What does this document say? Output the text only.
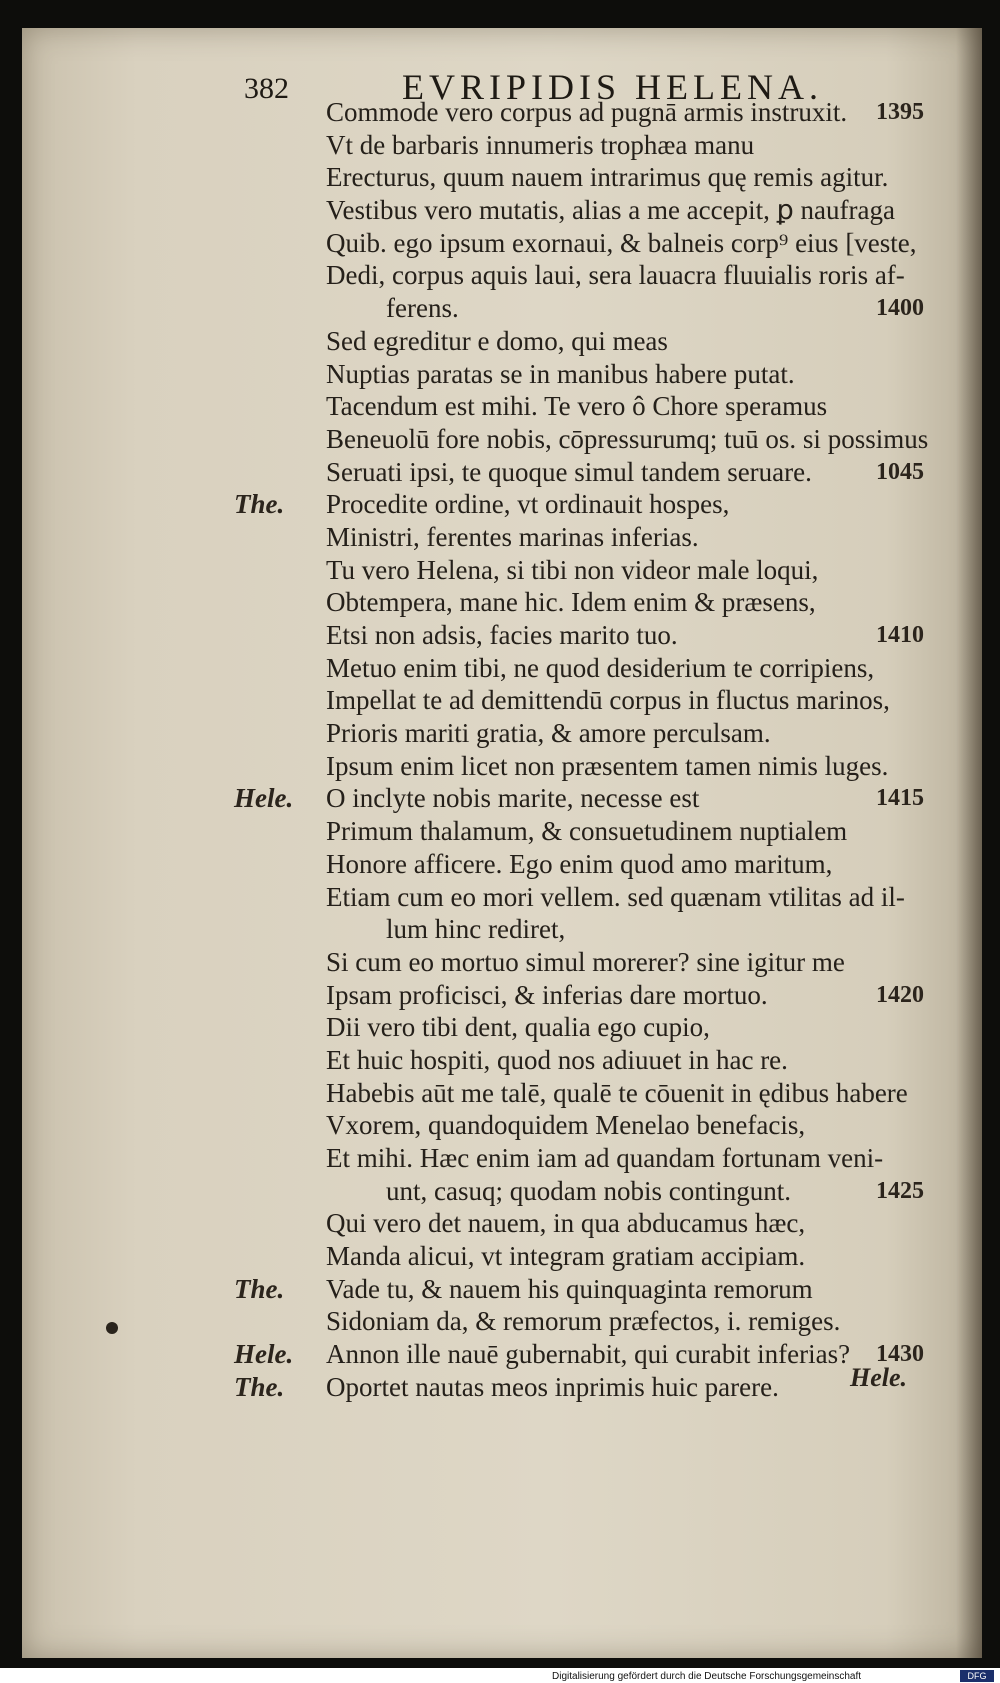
382	EVRIPIDIS HELENA.
Commode vero corpus ad pugnā armis instruxit. 1395
Vt de barbaris innumeris trophæa manu
Erecturus, quum nauem intrarimus quę remis agitur.
Vestibus vero mutatis, alias a me accepit, ꝑ naufraga
Quib. ego ipsum exornaui, & balneis corp⁹ eius [veste,
Dedi, corpus aquis laui, sera lauacra fluuialis roris af-
ferens.	1400
Sed egreditur e domo, qui meas
Nuptias paratas se in manibus habere putat.
Tacendum est mihi. Te vero ô Chore speramus
Beneuolū fore nobis, cōpressurumq; tuū os. si possimus
Seruati ipsi, te quoque simul tandem seruare.	1045
The. Procedite ordine, vt ordinauit hospes,
Ministri, ferentes marinas inferias.
Tu vero Helena, si tibi non videor male loqui,
Obtempera, mane hic. Idem enim & præsens,
Etsi non adsis, facies marito tuo.	1410
Metuo enim tibi, ne quod desiderium te corripiens,
Impellat te ad demittendū corpus in fluctus marinos,
Prioris mariti gratia, & amore perculsam.
Ipsum enim licet non præsentem tamen nimis luges.
Hele. O inclyte nobis marite, necesse est	1415
Primum thalamum, & consuetudinem nuptialem
Honore afficere. Ego enim quod amo maritum,
Etiam cum eo mori vellem. sed quænam vtilitas ad il-
lum hinc rediret,
Si cum eo mortuo simul morerer? sine igitur me
Ipsam proficisci, & inferias dare mortuo.	1420
Dii vero tibi dent, qualia ego cupio,
Et huic hospiti, quod nos adiuuet in hac re.
Habebis aūt me talē, qualē te cōuenit in ędibus habere
Vxorem, quandoquidem Menelao benefacis,
Et mihi. Hæc enim iam ad quandam fortunam veni-
unt, casuq; quodam nobis contingunt.	1425
Qui vero det nauem, in qua abducamus hæc,
Manda alicui, vt integram gratiam accipiam.
The. Vade tu, & nauem his quinquaginta remorum
Sidoniam da, & remorum præfectos, i. remiges.
Hele. Annon ille nauē gubernabit, qui curabit inferias? 1430
The. Oportet nautas meos inprimis huic parere.	Hele.
Digitalisierung gefördert durch die Deutsche Forschungsgemeinschaft	DFG
